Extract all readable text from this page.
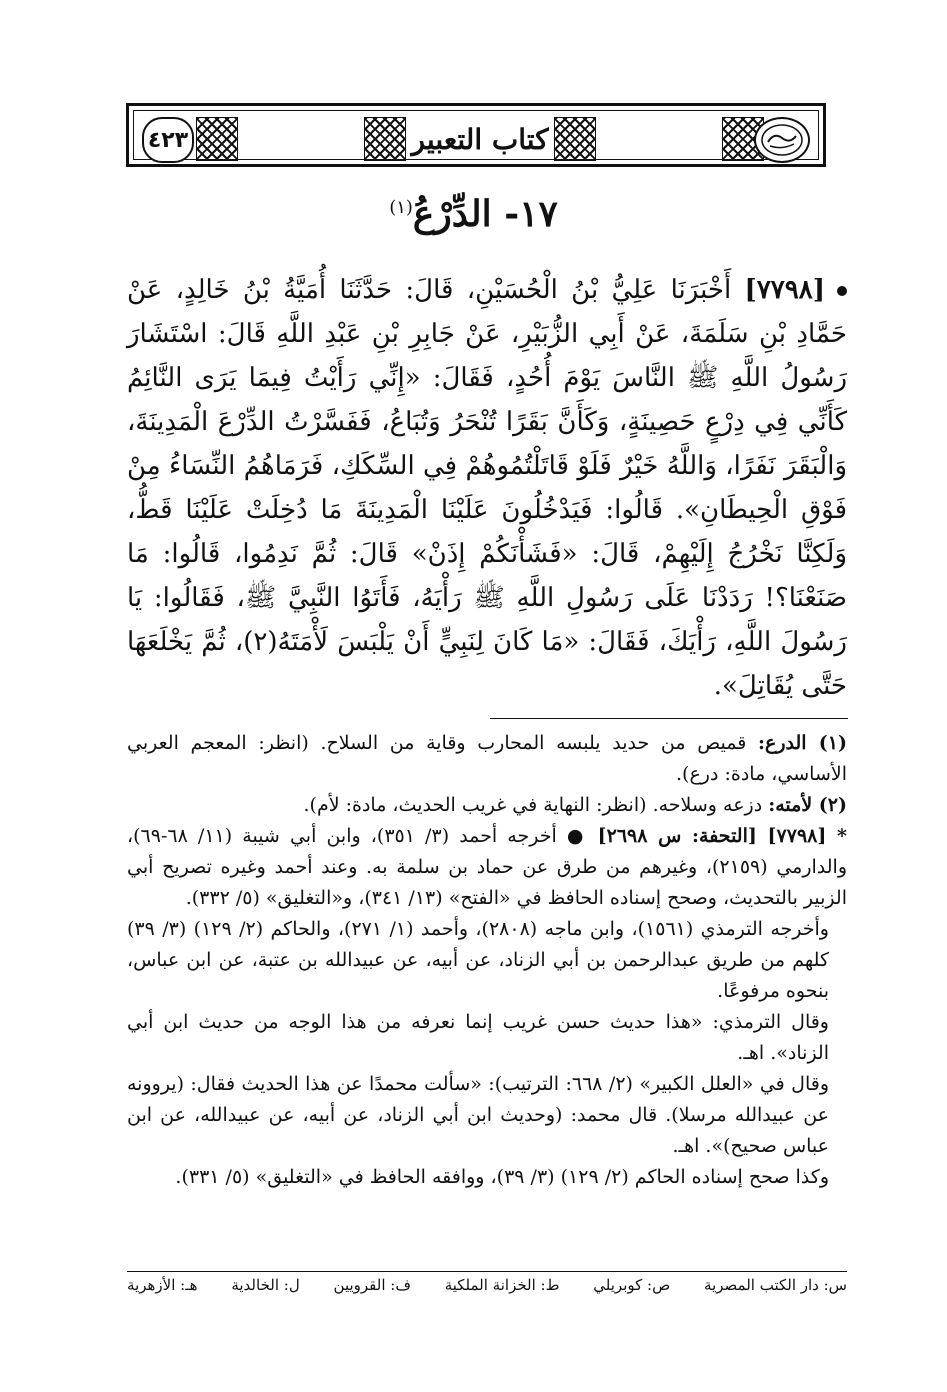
٤٢٣	كتاب التعبير
١٧- الدِّرْعُ$^{(١)}$
[٧٧٩٨] أَخْبَرَنَا عَلِيُّ بْنُ الْحُسَيْنِ، قَالَ: حَدَّثَنَا أُمَيَّةُ بْنُ خَالِدٍ، عَنْ حَمَّادِ بْنِ سَلَمَةَ، عَنْ أَبِي الزُّبَيْرِ، عَنْ جَابِرِ بْنِ عَبْدِ اللَّهِ قَالَ: اسْتَشَارَ رَسُولُ اللَّهِ ﷺ النَّاسَ يَوْمَ أُحُدٍ، فَقَالَ: «إِنِّي رَأَيْتُ فِيمَا يَرَى النَّائِمُ كَأَنِّي فِي دِرْعٍ حَصِينَةٍ، وَكَأَنَّ بَقَرًا تُنْحَرُ وَتُبَاعُ، فَفَسَّرْتُ الدِّرْعَ الْمَدِينَةَ، وَالْبَقَرَ نَفَرًا، وَاللَّهُ خَيْرٌ فَلَوْ قَاتَلْتُمُوهُمْ فِي السِّكَكِ، فَرَمَاهُمُ النِّسَاءُ مِنْ فَوْقِ الْحِيطَانِ». قَالُوا: فَيَدْخُلُونَ عَلَيْنَا الْمَدِينَةَ مَا دُخِلَتْ عَلَيْنَا قَطُّ، وَلَكِنَّا نَخْرُجُ إِلَيْهِمْ، قَالَ: «فَشَأْنَكُمْ إِذَنْ» قَالَ: ثُمَّ نَدِمُوا، قَالُوا: مَا صَنَعْنَا؟! رَدَدْنَا عَلَى رَسُولِ اللَّهِ ﷺ رَأْيَهُ، فَأَتَوُا النَّبِيَّ ﷺ، فَقَالُوا: يَا رَسُولَ اللَّهِ، رَأْيَكَ، فَقَالَ: «مَا كَانَ لِنَبِيٍّ أَنْ يَلْبَسَ لَأْمَتَهُ(٢)، ثُمَّ يَخْلَعَهَا حَتَّى يُقَاتِلَ».

(١) الدرع: قميص من حديد يلبسه المحارب وقاية من السلاح. (انظر: المعجم العربي الأساسي، مادة: درع).

(٢) لأمته: دزعه وسلاحه. (انظر: النهاية في غريب الحديث، مادة: لأم).

* [٧٧٩٨] [التحفة: س ٢٦٩٨] ● أخرجه أحمد (٣/ ٣٥١)، وابن أبي شيبة (١١/ ٦٨-٦٩)، والدارمي (٢١٥٩)، وغيرهم من طرق عن حماد بن سلمة به. وعند أحمد وغيره تصريح أبي الزبير بالتحديث، وصحح إسناده الحافظ في «الفتح» (١٣/ ٣٤١)، و«التغليق» (٥/ ٣٣٢).

وأخرجه الترمذي (١٥٦١)، وابن ماجه (٢٨٠٨)، وأحمد (١/ ٢٧١)، والحاكم (٢/ ١٢٩) (٣/ ٣٩) كلهم من طريق عبدالرحمن بن أبي الزناد، عن أبيه، عن عبيدالله بن عتبة، عن ابن عباس، بنحوه مرفوعًا.

وقال الترمذي: «هذا حديث حسن غريب إنما نعرفه من هذا الوجه من حديث ابن أبي الزناد». اهـ.

وقال في «العلل الكبير» (٢/ ٦٦٨: الترتيب): «سألت محمدًا عن هذا الحديث فقال: (يروونه عن عبيدالله مرسلا). قال محمد: (وحديث ابن أبي الزناد، عن أبيه، عن عبيدالله، عن ابن عباس صحيح)». اهـ.

وكذا صحح إسناده الحاكم (٢/ ١٢٩) (٣/ ٣٩)، ووافقه الحافظ في «التغليق» (٥/ ٣٣١).

س: دار الكتب المصرية
ص: كوبريلي
ط: الخزانة الملكية
ف: القرويين
ل: الخالدية
هـ: الأزهرية
